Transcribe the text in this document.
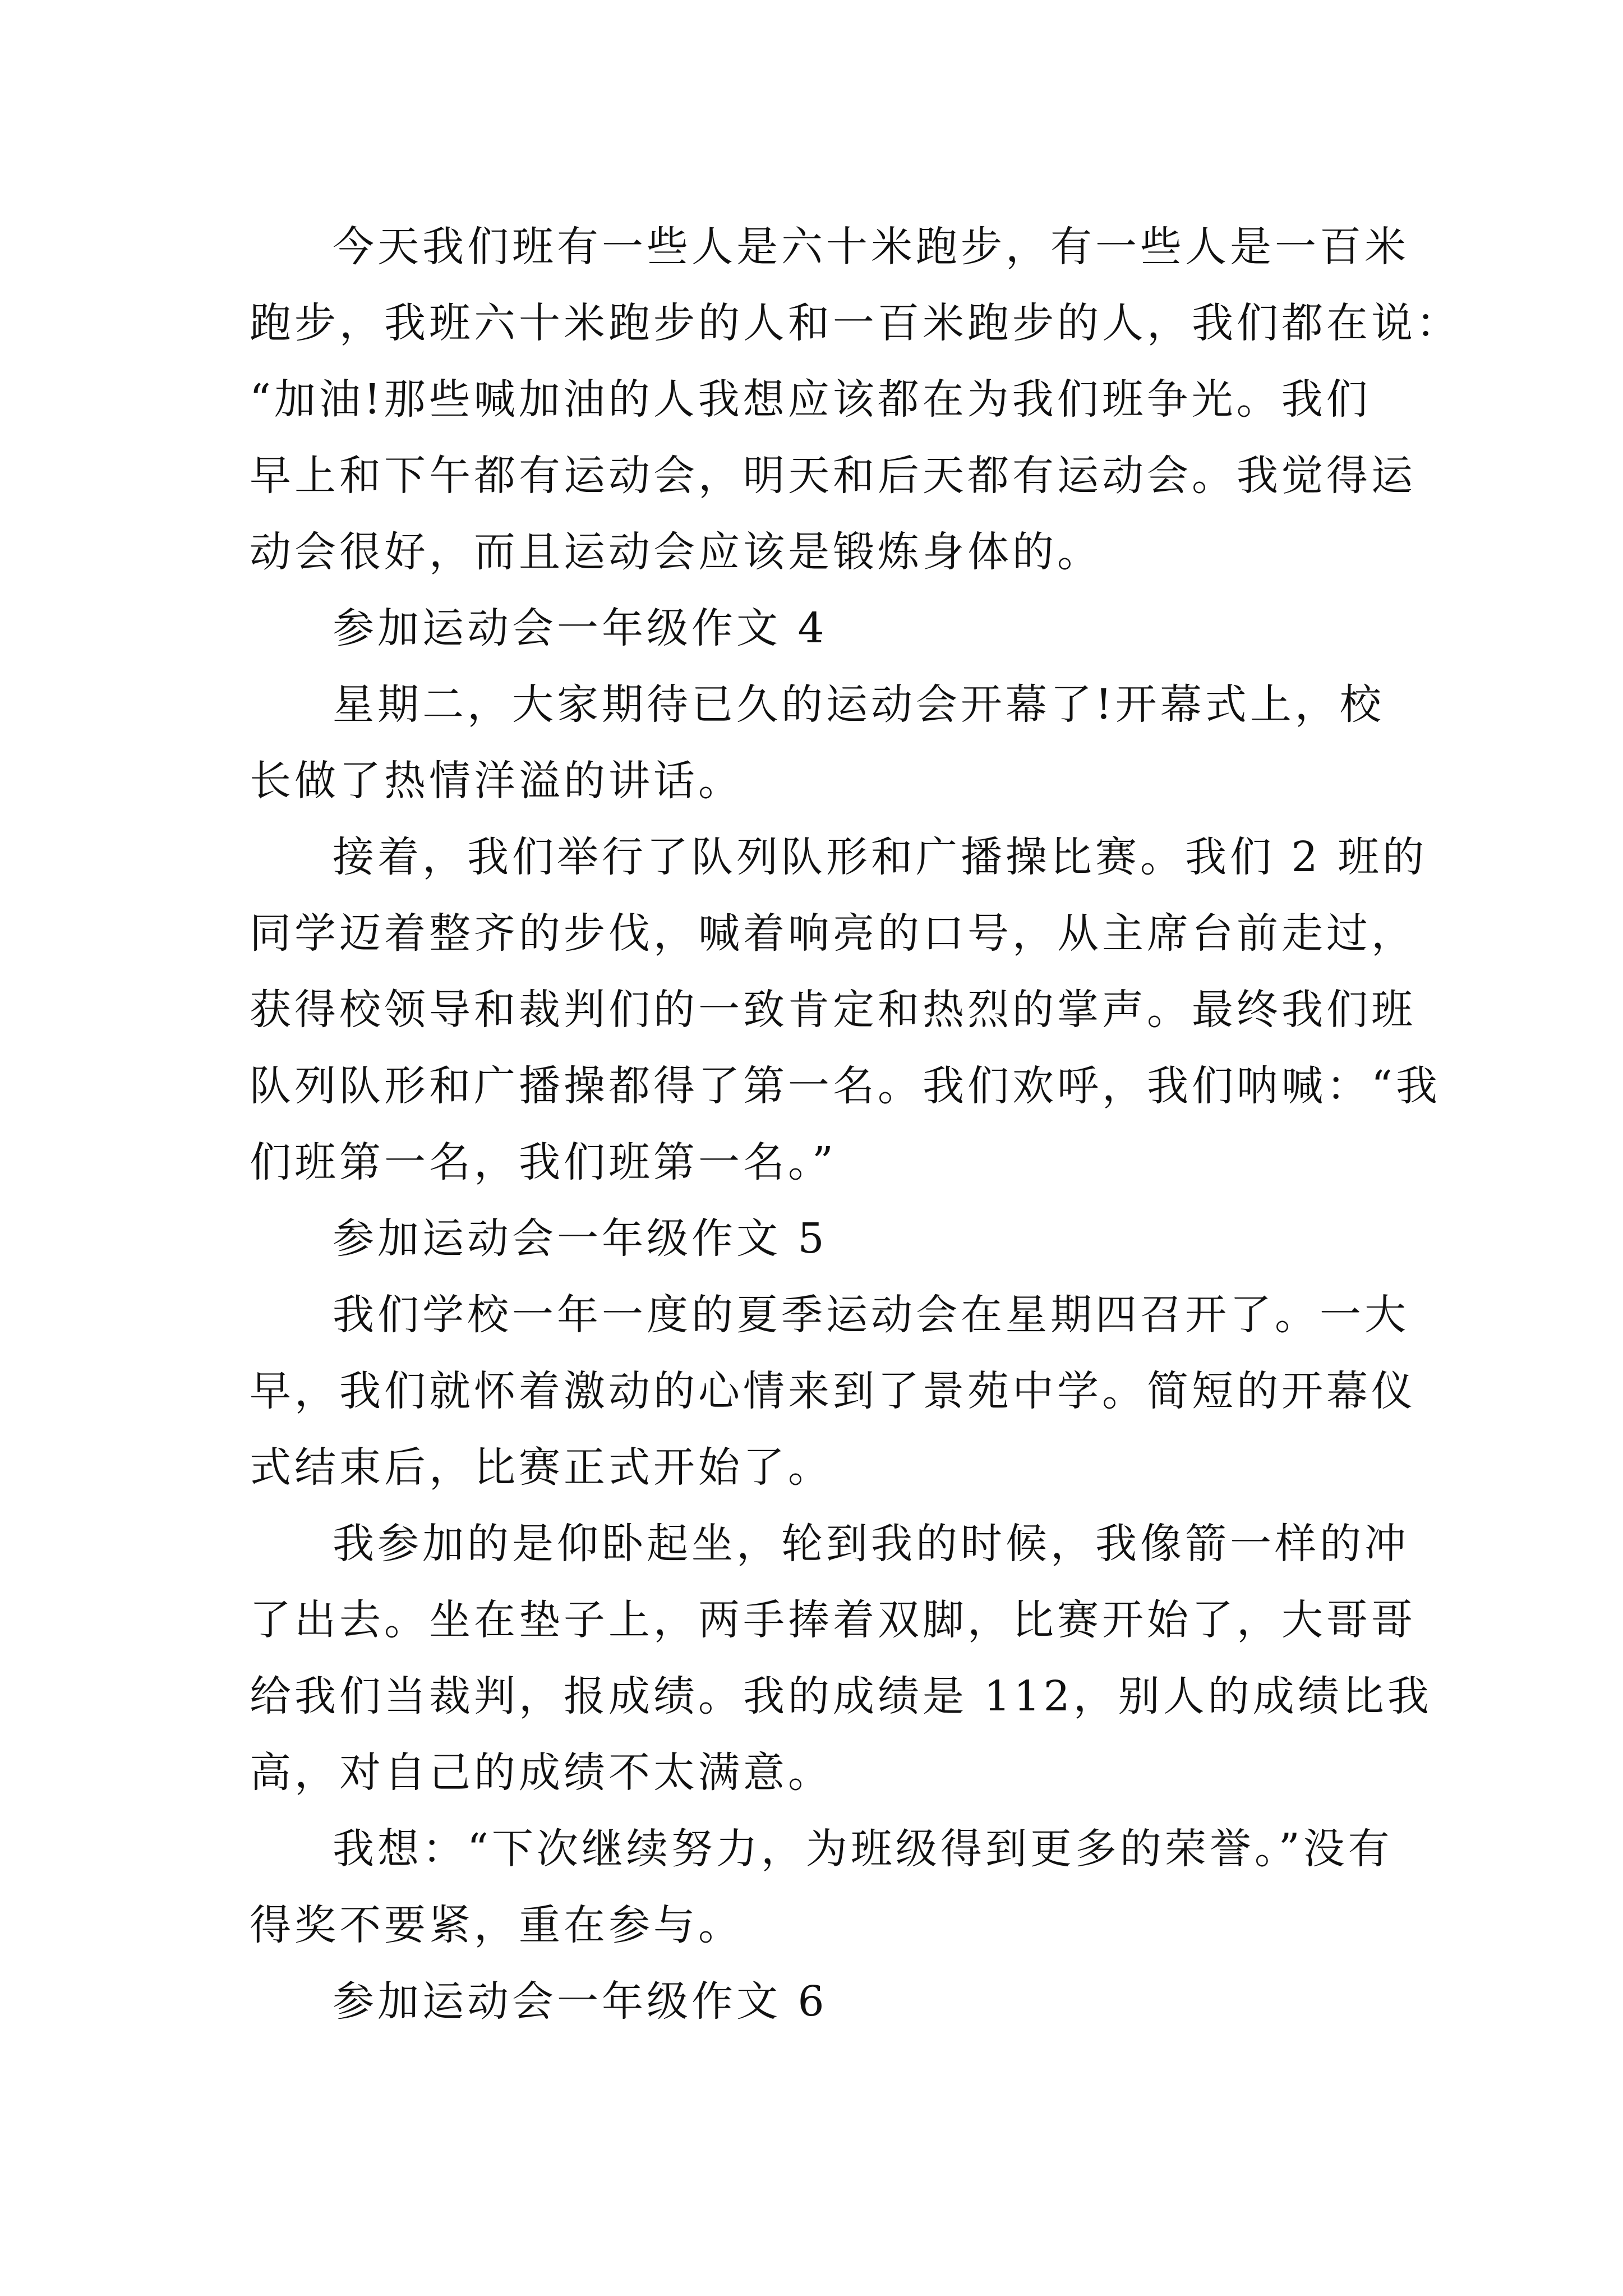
今天我们班有一些人是六十米跑步，有一些人是一百米
跑步，我班六十米跑步的人和一百米跑步的人，我们都在说：
“加油!那些喊加油的人我想应该都在为我们班争光。我们
早上和下午都有运动会，明天和后天都有运动会。我觉得运
动会很好，而且运动会应该是锻炼身体的。
参加运动会一年级作文 4
星期二，大家期待已久的运动会开幕了!开幕式上，校
长做了热情洋溢的讲话。
接着，我们举行了队列队形和广播操比赛。我们 2 班的
同学迈着整齐的步伐，喊着响亮的口号，从主席台前走过，
获得校领导和裁判们的一致肯定和热烈的掌声。最终我们班
队列队形和广播操都得了第一名。我们欢呼，我们呐喊：“我
们班第一名，我们班第一名。”
参加运动会一年级作文 5
我们学校一年一度的夏季运动会在星期四召开了。一大
早，我们就怀着激动的心情来到了景苑中学。简短的开幕仪
式结束后，比赛正式开始了。
我参加的是仰卧起坐，轮到我的时候，我像箭一样的冲
了出去。坐在垫子上，两手捧着双脚，比赛开始了，大哥哥
给我们当裁判，报成绩。我的成绩是 112，别人的成绩比我
高，对自己的成绩不太满意。
我想：“下次继续努力，为班级得到更多的荣誉。”没有
得奖不要紧，重在参与。
参加运动会一年级作文 6
